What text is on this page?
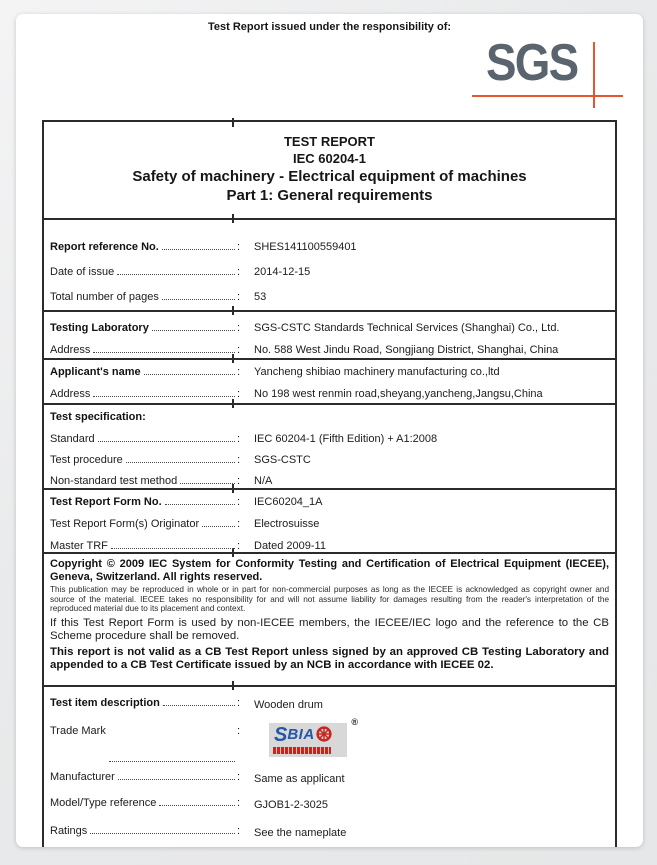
Test Report issued under the responsibility of:
SGS
TEST REPORT
IEC 60204-1
Safety of machinery - Electrical equipment of machines
Part 1: General requirements
Report reference No.	: SHES141100559401
Date of issue	: 2014-12-15
Total number of pages	: 53
Testing Laboratory	: SGS-CSTC Standards Technical Services (Shanghai) Co., Ltd.
Address	: No. 588 West Jindu Road, Songjiang District, Shanghai, China
Applicant's name	: Yancheng shibiao machinery manufacturing co.,ltd
Address	: No 198 west renmin road,sheyang,yancheng,Jangsu,China
Test specification:
Standard	: IEC 60204-1 (Fifth Edition) + A1:2008
Test procedure	: SGS-CSTC
Non-standard test method	: N/A
Test Report Form No.	: IEC60204_1A
Test Report Form(s) Originator	: Electrosuisse
Master TRF	: Dated 2009-11
Copyright © 2009 IEC System for Conformity Testing and Certification of Electrical Equipment (IECEE), Geneva, Switzerland. All rights reserved.
This publication may be reproduced in whole or in part for non-commercial purposes as long as the IECEE is acknowledged as copyright owner and source of the material. IECEE takes no responsibility for and will not assume liability for damages resulting from the reader's interpretation of the reproduced material due to its placement and context.
If this Test Report Form is used by non-IECEE members, the IECEE/IEC logo and the reference to the CB Scheme procedure shall be removed.
This report is not valid as a CB Test Report unless signed by an approved CB Testing Laboratory and appended to a CB Test Certificate issued by an NCB in accordance with IECEE 02.
Test item description	: Wooden drum
Trade Mark	: S BIA
®
Manufacturer	: Same as applicant
Model/Type reference	: GJOB1-2-3025
Ratings	: See the nameplate
